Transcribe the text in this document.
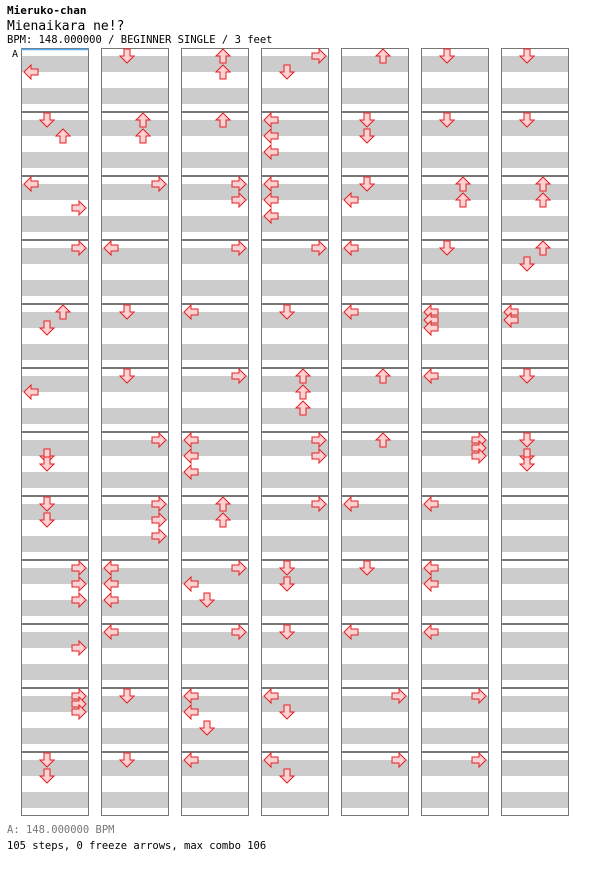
Mieruko-chan
Mienaikara ne!?
BPM: 148.000000 / BEGINNER SINGLE / 3 feet
A
A: 148.000000 BPM
105 steps, 0 freeze arrows, max combo 106
